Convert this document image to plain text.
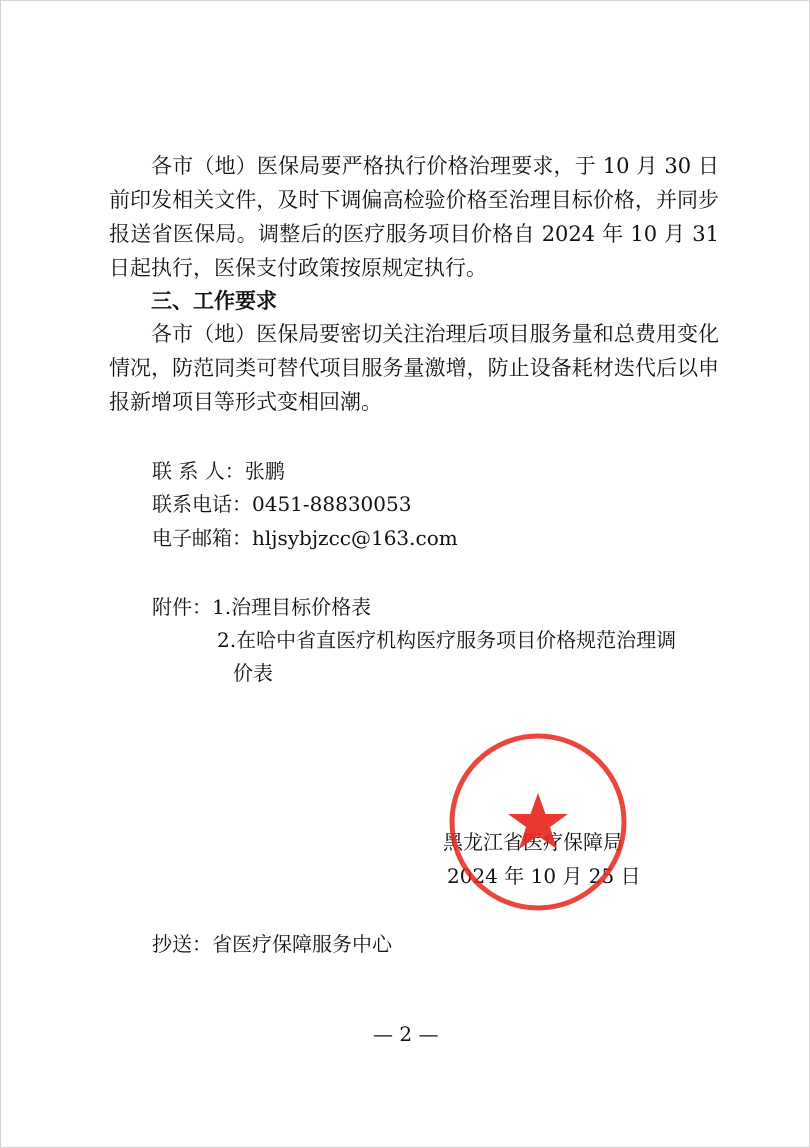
各市（地）医保局要严格执行价格治理要求，于 10 月 30 日前印发相关文件，及时下调偏高检验价格至治理目标价格，并同步报送省医保局。调整后的医疗服务项目价格自 2024 年 10 月 31 日起执行，医保支付政策按原规定执行。
三、工作要求
各市（地）医保局要密切关注治理后项目服务量和总费用变化情况，防范同类可替代项目服务量激增，防止设备耗材迭代后以申报新增项目等形式变相回潮。
联 系 人：张鹏
联系电话：0451-88830053
电子邮箱：hljsybjzcc@163.com
附件：1.治理目标价格表
2.在哈中省直医疗机构医疗服务项目价格规范治理调
价表
黑龙江省医疗保障局
2024 年 10 月 25 日
抄送：省医疗保障服务中心
— 2 —
